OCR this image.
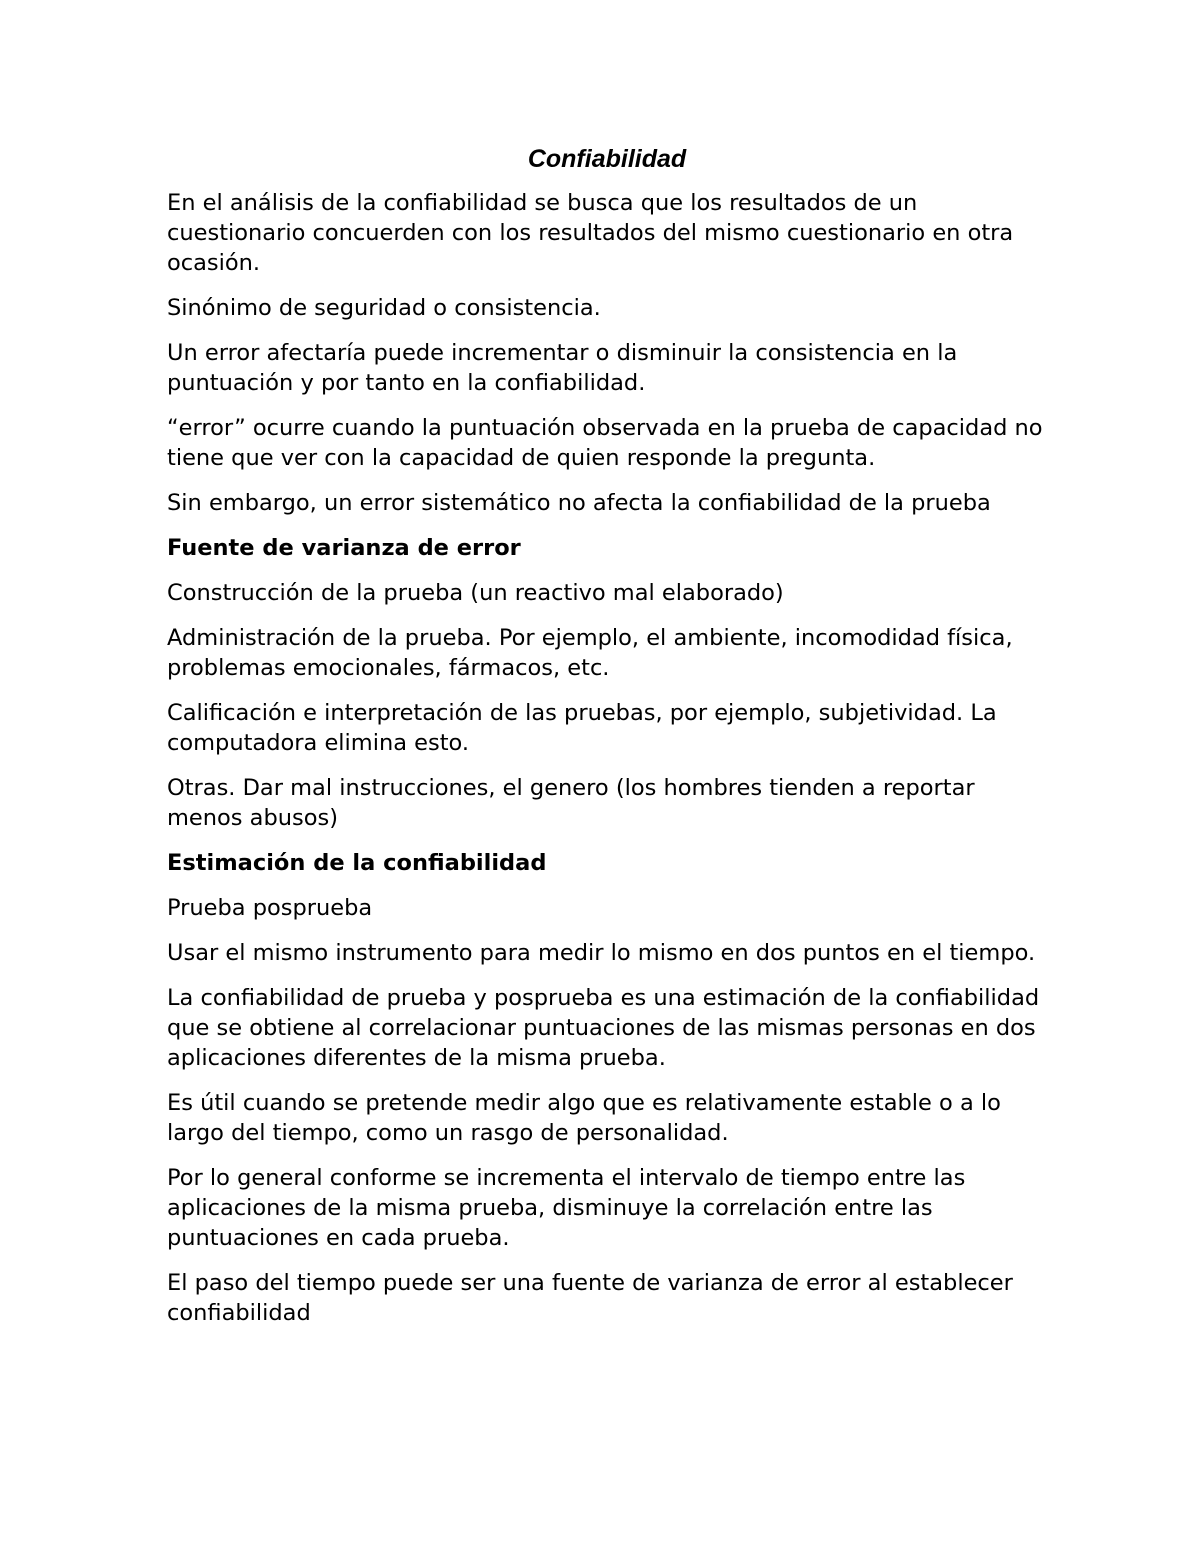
Confiabilidad
En el análisis de la confiabilidad se busca que los resultados de un cuestionario concuerden con los resultados del mismo cuestionario en otra ocasión.
Sinónimo de seguridad o consistencia.
Un error afectaría puede incrementar o disminuir la consistencia en la puntuación y por tanto en la confiabilidad.
“error” ocurre cuando la puntuación observada en la prueba de capacidad no tiene que ver con la capacidad de quien responde la pregunta.
Sin embargo, un error sistemático no afecta la confiabilidad de la prueba
Fuente de varianza de error
Construcción de la prueba (un reactivo mal elaborado)
Administración de la prueba. Por ejemplo, el ambiente, incomodidad física, problemas emocionales, fármacos, etc.
Calificación e interpretación de las pruebas, por ejemplo, subjetividad. La computadora elimina esto.
Otras. Dar mal instrucciones, el genero (los hombres tienden a reportar menos abusos)
Estimación de la confiabilidad
Prueba posprueba
Usar el mismo instrumento para medir lo mismo en dos puntos en el tiempo.
La confiabilidad de prueba y posprueba es una estimación de la confiabilidad que se obtiene al correlacionar puntuaciones de las mismas personas en dos aplicaciones diferentes de la misma prueba.
Es útil cuando se pretende medir algo que es relativamente estable o a lo largo del tiempo, como un rasgo de personalidad.
Por lo general conforme se incrementa el intervalo de tiempo entre las aplicaciones de la misma prueba, disminuye la correlación entre las puntuaciones en cada prueba.
El paso del tiempo puede ser una fuente de varianza de error al establecer confiabilidad
